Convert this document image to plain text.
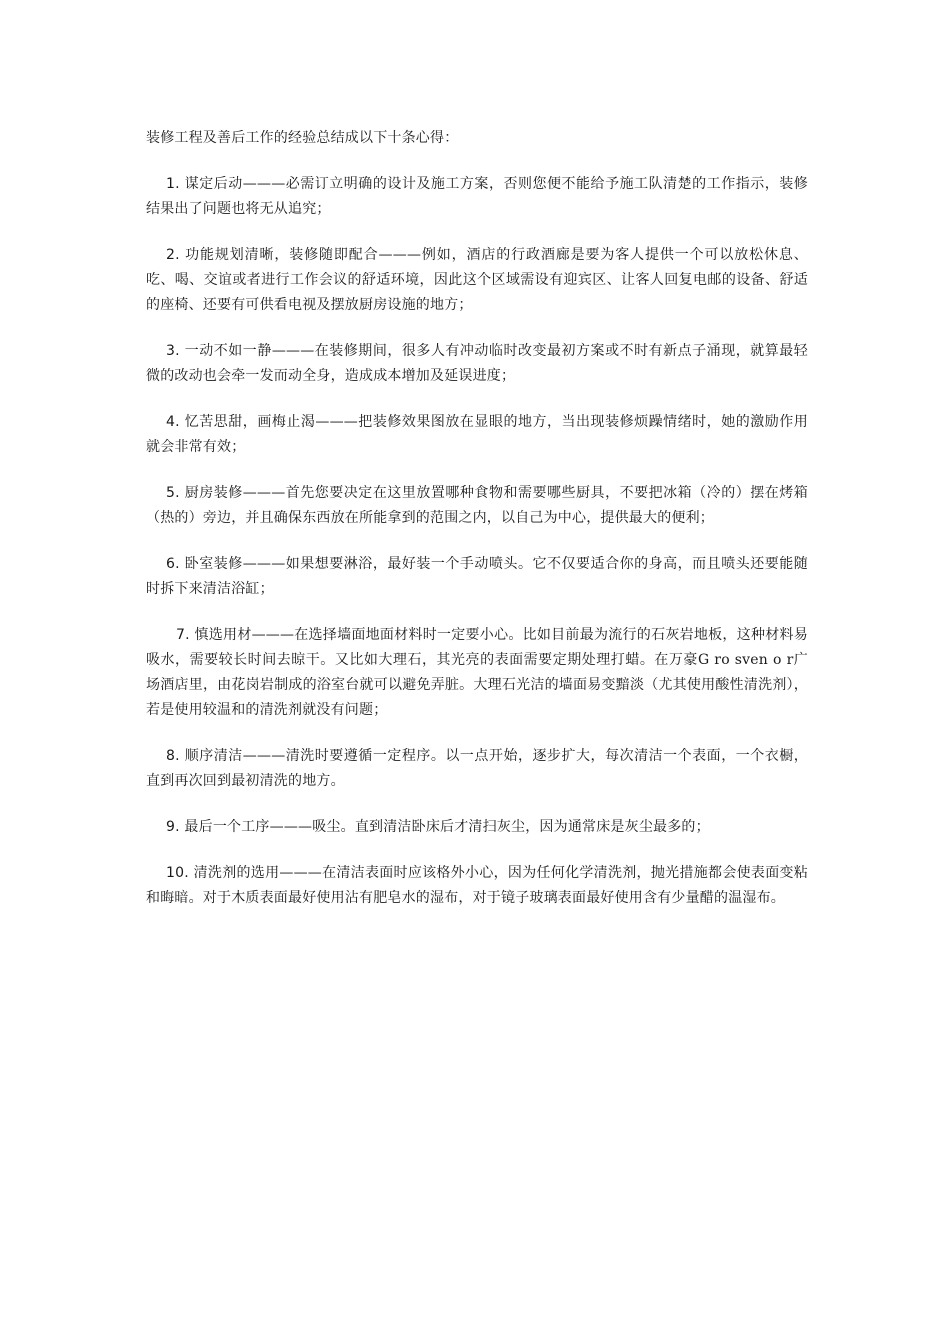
装修工程及善后工作的经验总结成以下十条心得：

1. 谋定后动———必需订立明确的设计及施工方案，否则您便不能给予施工队清楚的工作指示，装修结果出了问题也将无从追究；

2. 功能规划清晰，装修随即配合———例如，酒店的行政酒廊是要为客人提供一个可以放松休息、吃、喝、交谊或者进行工作会议的舒适环境，因此这个区域需设有迎宾区、让客人回复电邮的设备、舒适的座椅、还要有可供看电视及摆放厨房设施的地方；

3. 一动不如一静———在装修期间，很多人有冲动临时改变最初方案或不时有新点子涌现，就算最轻微的改动也会牵一发而动全身，造成成本增加及延误进度；

4. 忆苦思甜，画梅止渴———把装修效果图放在显眼的地方，当出现装修烦躁情绪时，她的激励作用就会非常有效；

5. 厨房装修———首先您要决定在这里放置哪种食物和需要哪些厨具，不要把冰箱（冷的）摆在烤箱（热的）旁边，并且确保东西放在所能拿到的范围之内，以自己为中心，提供最大的便利；

6. 卧室装修———如果想要淋浴，最好装一个手动喷头。它不仅要适合你的身高，而且喷头还要能随时拆下来清洁浴缸；

7. 慎选用材———在选择墙面地面材料时一定要小心。比如目前最为流行的石灰岩地板，这种材料易吸水，需要较长时间去晾干。又比如大理石，其光亮的表面需要定期处理打蜡。在万豪G ro sven o r广场酒店里，由花岗岩制成的浴室台就可以避免弄脏。大理石光洁的墙面易变黯淡（尤其使用酸性清洗剂），若是使用较温和的清洗剂就没有问题；

8. 顺序清洁———清洗时要遵循一定程序。以一点开始，逐步扩大，每次清洁一个表面，一个衣橱，直到再次回到最初清洗的地方。

9. 最后一个工序———吸尘。直到清洁卧床后才清扫灰尘，因为通常床是灰尘最多的；

10. 清洗剂的选用———在清洁表面时应该格外小心，因为任何化学清洗剂，抛光措施都会使表面变粘和晦暗。对于木质表面最好使用沾有肥皂水的湿布，对于镜子玻璃表面最好使用含有少量醋的温湿布。
